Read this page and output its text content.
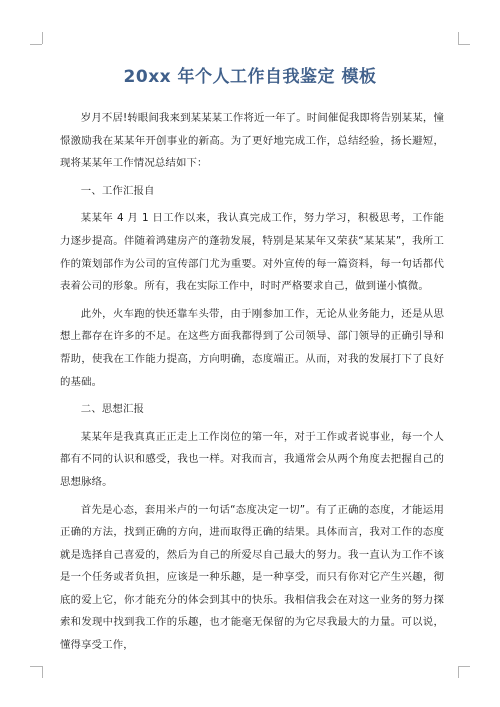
20xx 年个人工作自我鉴定 模板

岁月不居!转眼间我来到某某某工作将近一年了。时间催促我即将告别某某，憧憬激励我在某某年开创事业的新高。为了更好地完成工作，总结经验，扬长避短，现将某某年工作情况总结如下：

一、工作汇报自

某某年 4 月 1 日工作以来，我认真完成工作，努力学习，积极思考，工作能力逐步提高。伴随着鸿建房产的蓬勃发展，特别是某某年又荣获“某某某”，我所工作的策划部作为公司的宣传部门尤为重要。对外宣传的每一篇资料，每一句话都代表着公司的形象。所有，我在实际工作中，时时严格要求自己，做到谨小慎微。

此外，火车跑的快还靠车头带，由于刚参加工作，无论从业务能力，还是从思想上都存在许多的不足。在这些方面我都得到了公司领导、部门领导的正确引导和帮助，使我在工作能力提高，方向明确，态度端正。从而，对我的发展打下了良好的基础。

二、思想汇报

某某年是我真真正正走上工作岗位的第一年，对于工作或者说事业，每一个人都有不同的认识和感受，我也一样。对我而言，我通常会从两个角度去把握自己的思想脉络。

首先是心态，套用米卢的一句话“态度决定一切”。有了正确的态度，才能运用正确的方法，找到正确的方向，进而取得正确的结果。具体而言，我对工作的态度就是选择自己喜爱的，然后为自己的所爱尽自己最大的努力。我一直认为工作不该是一个任务或者负担，应该是一种乐趣，是一种享受，而只有你对它产生兴趣，彻底的爱上它，你才能充分的体会到其中的快乐。我相信我会在对这一业务的努力探索和发现中找到我工作的乐趣，也才能毫无保留的为它尽我最大的力量。可以说，懂得享受工作，
